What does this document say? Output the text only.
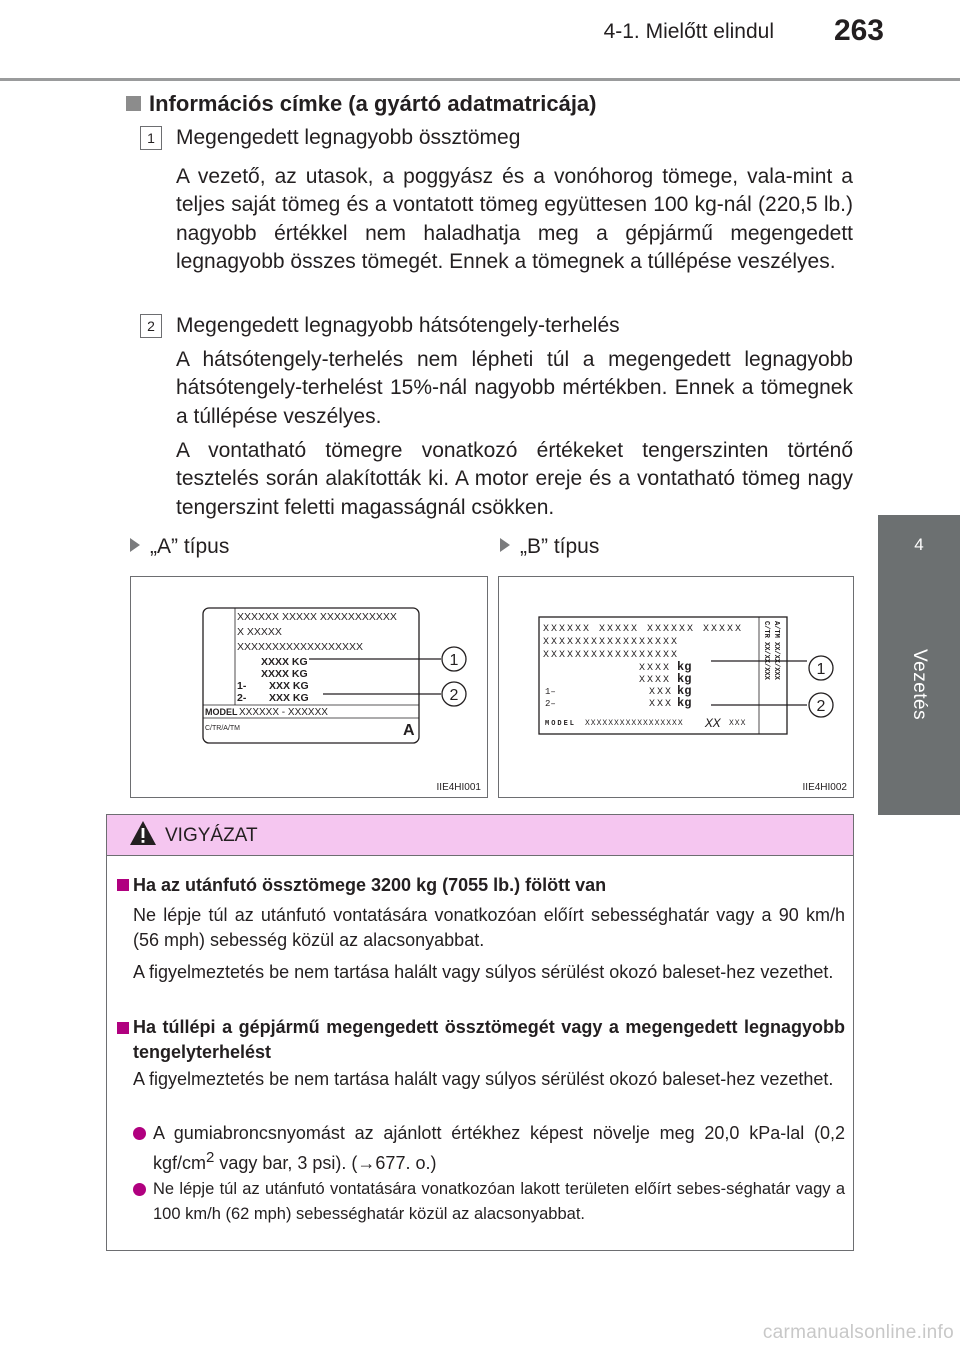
4-1. Mielőtt elindul 263
4
Vezetés
Információs címke (a gyártó adatmatricája)
1	Megengedett legnagyobb össztömeg
A vezető, az utasok, a poggyász és a vonóhorog tömege, vala-mint a teljes saját tömeg és a vontatott tömeg együttesen 100 kg-nál (220,5 lb.) nagyobb értékkel nem haladhatja meg a gépjármű megengedett legnagyobb összes tömegét. Ennek a tömegnek a túllépése veszélyes.
2	Megengedett legnagyobb hátsótengely-terhelés
A hátsótengely-terhelés nem lépheti túl a megengedett legnagyobb hátsótengely-terhelést 15%-nál nagyobb mértékben. Ennek a tömegnek a túllépése veszélyes.
A vontatható tömegre vonatkozó értékeket tengerszinten történő tesztelés során alakították ki. A motor ereje és a vontatható tömeg nagy tengerszint feletti magasságnál csökken.
„A” típus	„B” típus
XXXXXX XXXXX XXXXXXXXXXX
X XXXXX
XXXXXXXXXXXXXXXXXX
XXXX KG
XXXX KG
XXX KG
XXX KG
1-
2-
MODEL XXXXXX - XXXXXX
C/TR/A/TM	A
1
2
IIE4HI001
XXXXXX XXXXX XXXXXX XXXXX
XXXXXXXXXXXXXXXXX
XXXXXXXXXXXXXXXXX
XXXX
XXXX
XXX
XXX
kg
kg
kg
kg
1–
2–
MODEL XXXXXXXXXXXXXXXXX XX XXX
C/TR XX/XX/XXX A/TM XX/XX/XXX 1
2
IIE4HI002
VIGYÁZAT
Ha az utánfutó össztömege 3200 kg (7055 lb.) fölött van
Ne lépje túl az utánfutó vontatására vonatkozóan előírt sebességhatár vagy a 90 km/h (56 mph) sebesség közül az alacsonyabbat.
A figyelmeztetés be nem tartása halált vagy súlyos sérülést okozó baleset-hez vezethet.
Ha túllépi a gépjármű megengedett össztömegét vagy a megengedett legnagyobb tengelyterhelést
A figyelmeztetés be nem tartása halált vagy súlyos sérülést okozó baleset-hez vezethet.
A gumiabroncsnyomást az ajánlott értékhez képest növelje meg 20,0 kPa-lal (0,2 kgf/$cm^2$ vagy bar, 3 psi). (→677. o.)
Ne lépje túl az utánfutó vontatására vonatkozóan lakott területen előírt sebes-séghatár vagy a 100 km/h (62 mph) sebességhatár közül az alacsonyabbat.
carmanualsonline.info
